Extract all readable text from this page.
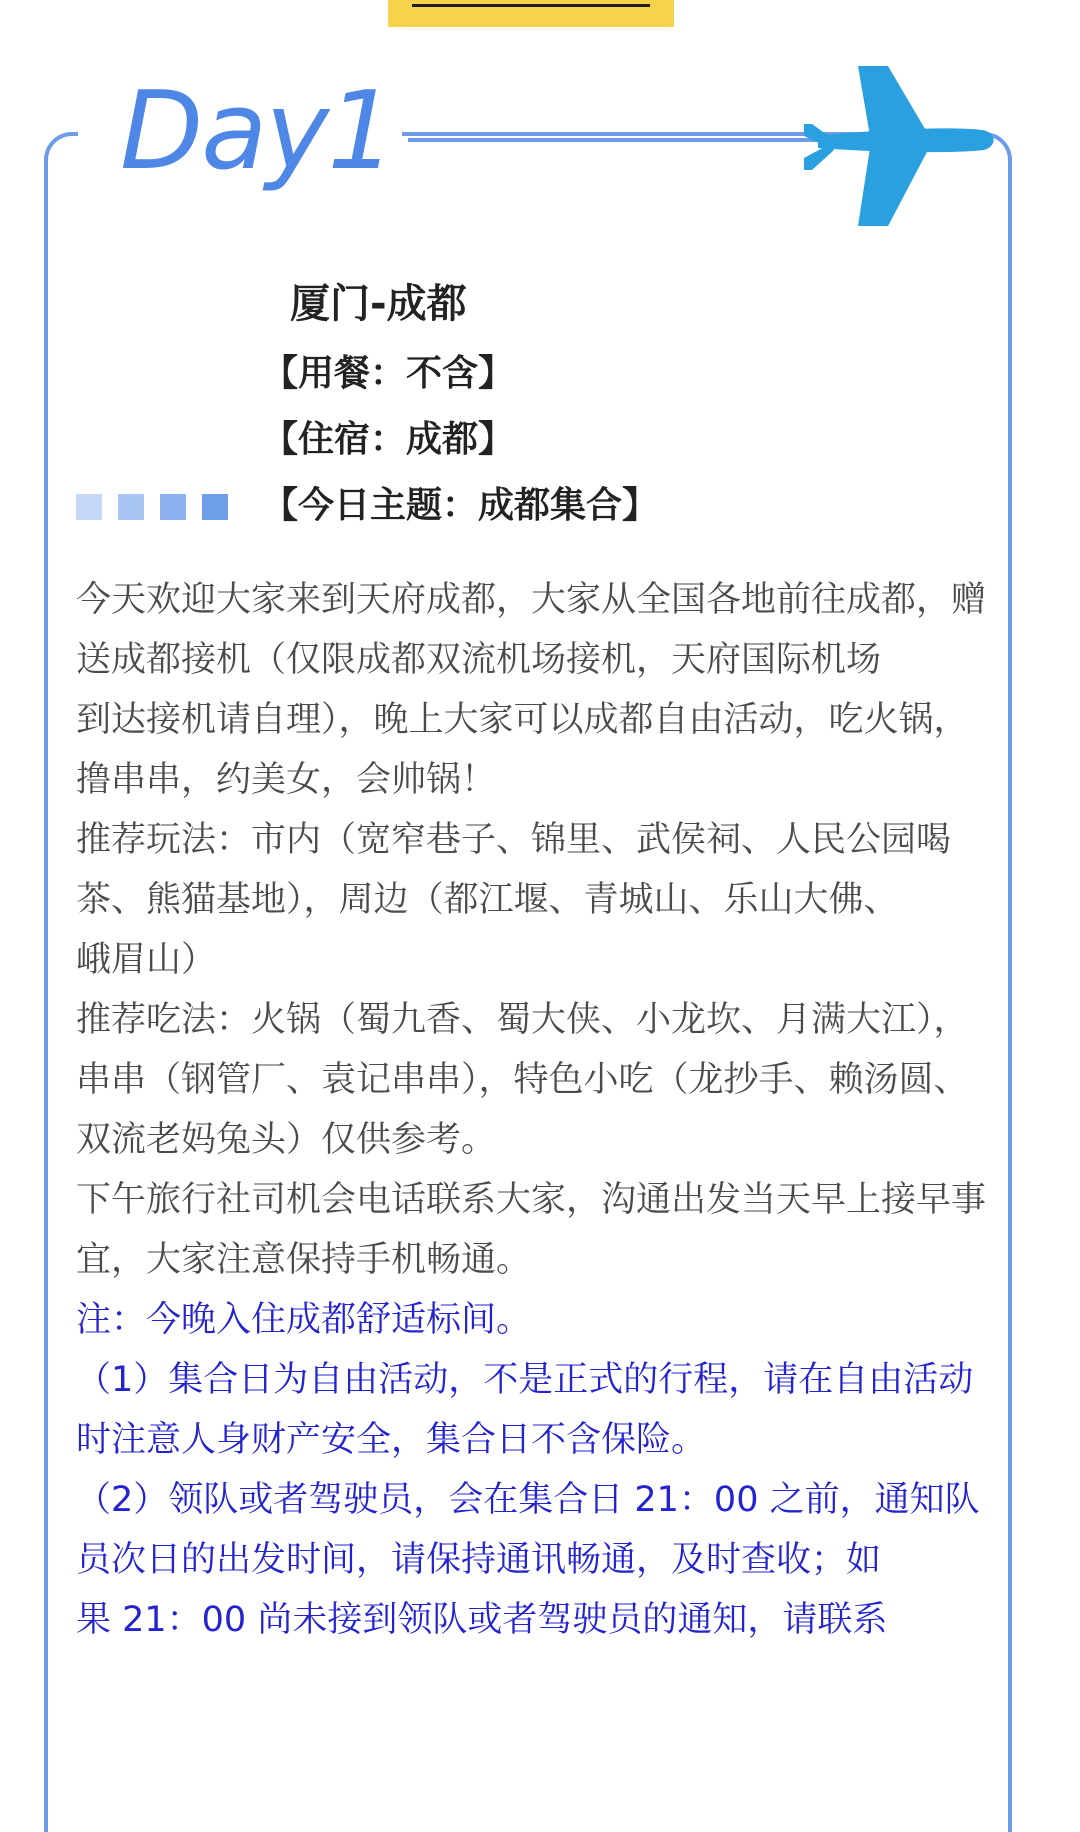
Day1
厦门-成都
【用餐：不含】
【住宿：成都】
【今日主题：成都集合】

今天欢迎大家来到天府成都，大家从全国各地前往成都，赠送成都接机（仅限成都双流机场接机，天府国际机场
到达接机请自理），晚上大家可以成都自由活动，吃火锅，撸串串，约美女，会帅锅！

推荐玩法：市内（宽窄巷子、锦里、武侯祠、人民公园喝茶、熊猫基地），周边（都江堰、青城山、乐山大佛、
峨眉山）

推荐吃法：火锅（蜀九香、蜀大侠、小龙坎、月满大江），串串（钢管厂、袁记串串），特色小吃（龙抄手、赖汤圆、双流老妈兔头）仅供参考。

下午旅行社司机会电话联系大家，沟通出发当天早上接早事宜，大家注意保持手机畅通。

注：今晚入住成都舒适标间。

（1）集合日为自由活动，不是正式的行程，请在自由活动时注意人身财产安全，集合日不含保险。

（2）领队或者驾驶员，会在集合日 21：00 之前，通知队员次日的出发时间，请保持通讯畅通，及时查收；如
果 21：00 尚未接到领队或者驾驶员的通知，请联系
